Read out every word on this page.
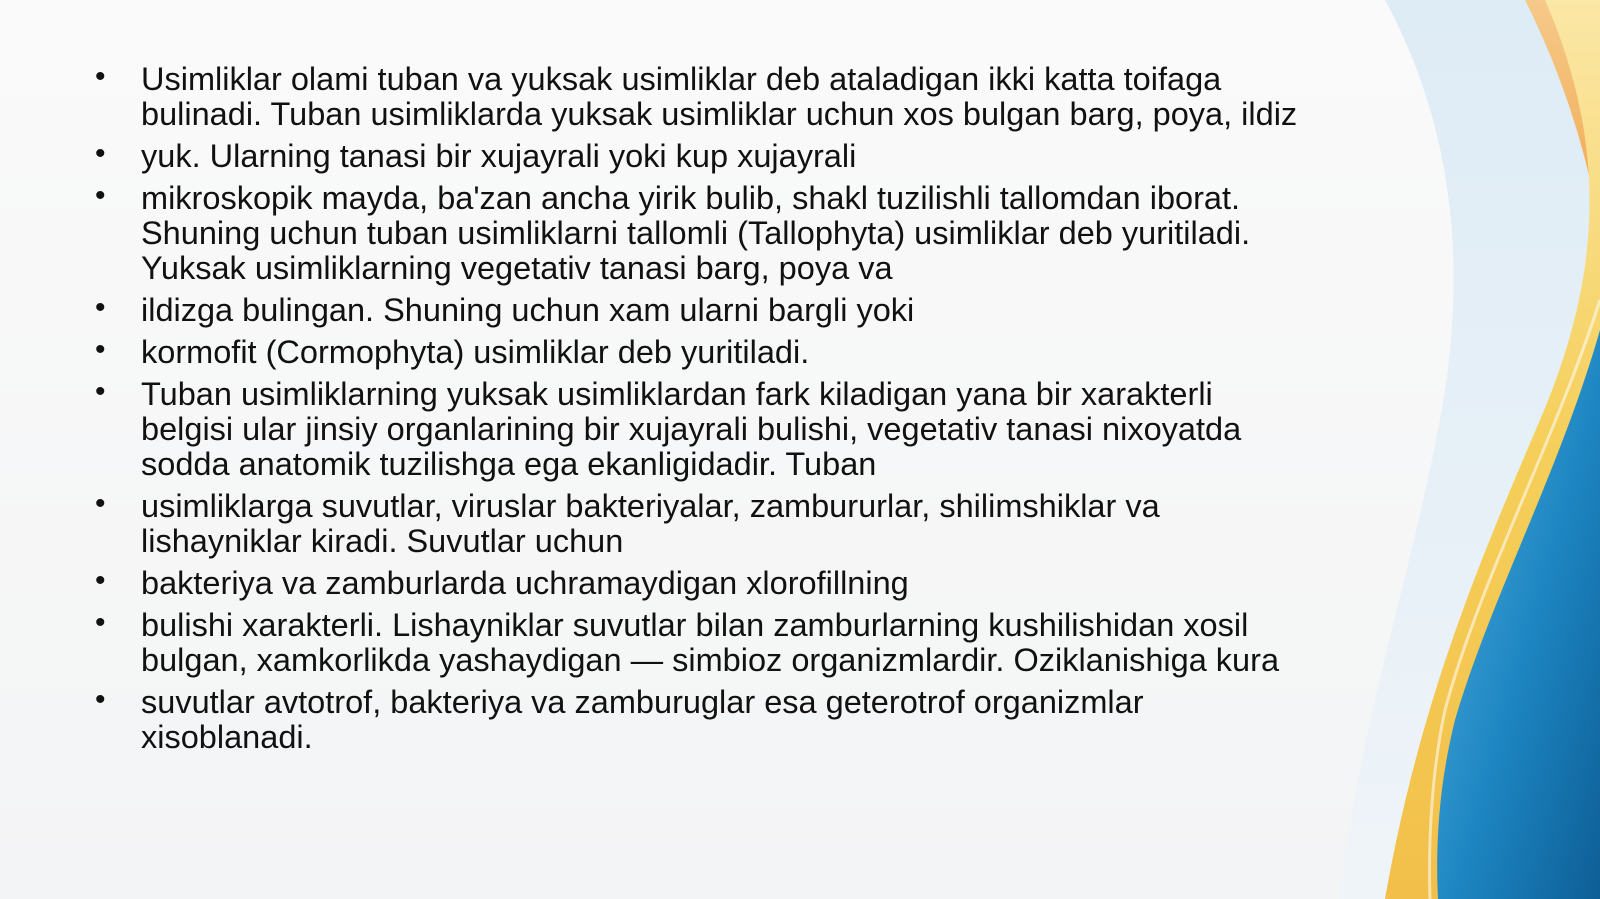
• Usimliklar olami tuban va yuksak usimliklar deb ataladigan ikki katta toifaga
bulinadi. Tuban usimliklarda yuksak usimliklar uchun xos bulgan barg, poya, ildiz
• yuk. Ularning tanasi bir xujayrali yoki kup xujayrali
• mikroskopik mayda, ba'zan ancha yirik bulib, shakl tuzilishli tallomdan iborat.
Shuning uchun tuban usimliklarni tallomli (Tallophyta) usimliklar deb yuritiladi.
Yuksak usimliklarning vegetativ tanasi barg, poya va
• ildizga bulingan. Shuning uchun xam ularni bargli yoki
• kormofit (Cormophyta) usimliklar deb yuritiladi.
• Tuban usimliklarning yuksak usimliklardan fark kiladigan yana bir xarakterli
belgisi ular jinsiy organlarining bir xujayrali bulishi, vegetativ tanasi nixoyatda
sodda anatomik tuzilishga ega ekanligidadir. Tuban
• usimliklarga suvutlar, viruslar bakteriyalar, zambururlar, shilimshiklar va
lishayniklar kiradi. Suvutlar uchun
• bakteriya va zamburlarda uchramaydigan xlorofillning
• bulishi xarakterli. Lishayniklar suvutlar bilan zamburlarning kushilishidan xosil
bulgan, xamkorlikda yashaydigan — simbioz organizmlardir. Oziklanishiga kura
• suvutlar avtotrof, bakteriya va zamburuglar esa geterotrof organizmlar
xisoblanadi.
